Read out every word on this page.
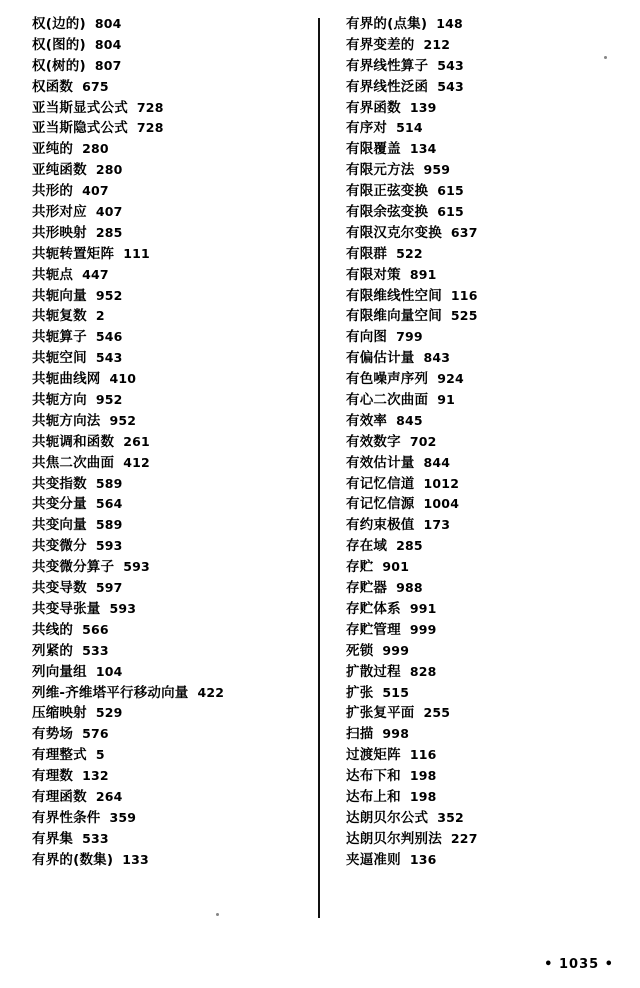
权(边的) 804
权(图的) 804
权(树的) 807
权函数 675
亚当斯显式公式 728
亚当斯隐式公式 728
亚纯的 280
亚纯函数 280
共形的 407
共形对应 407
共形映射 285
共轭转置矩阵 111
共轭点 447
共轭向量 952
共轭复数 2
共轭算子 546
共轭空间 543
共轭曲线网 410
共轭方向 952
共轭方向法 952
共轭调和函数 261
共焦二次曲面 412
共变指数 589
共变分量 564
共变向量 589
共变微分 593
共变微分算子 593
共变导数 597
共变导张量 593
共线的 566
列紧的 533
列向量组 104
列维-齐维塔平行移动向量 422
压缩映射 529
有势场 576
有理整式 5
有理数 132
有理函数 264
有界性条件 359
有界集 533
有界的(数集) 133
有界的(点集) 148
有界变差的 212
有界线性算子 543
有界线性泛函 543
有界函数 139
有序对 514
有限覆盖 134
有限元方法 959
有限正弦变换 615
有限余弦变换 615
有限汉克尔变换 637
有限群 522
有限对策 891
有限维线性空间 116
有限维向量空间 525
有向图 799
有偏估计量 843
有色噪声序列 924
有心二次曲面 91
有效率 845
有效数字 702
有效估计量 844
有记忆信道 1012
有记忆信源 1004
有约束极值 173
存在域 285
存贮 901
存贮器 988
存贮体系 991
存贮管理 999
死锁 999
扩散过程 828
扩张 515
扩张复平面 255
扫描 998
过渡矩阵 116
达布下和 198
达布上和 198
达朗贝尔公式 352
达朗贝尔判别法 227
夹逼准则 136
• 1035 •
